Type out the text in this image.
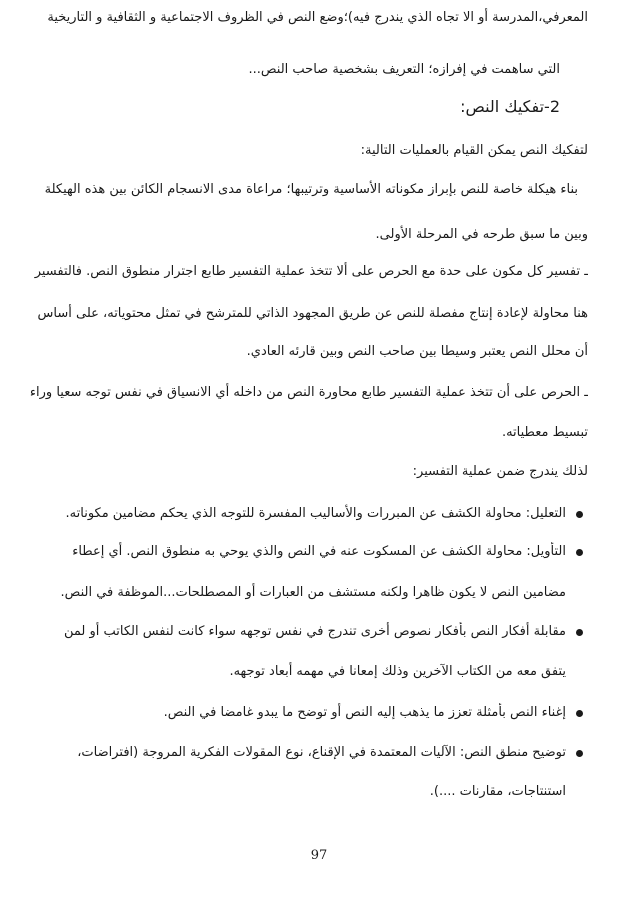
المعرفي،المدرسة أو الا تجاه الذي يندرج فيه)؛وضع النص في الظروف الاجتماعية و الثقافية و التاريخية
التي ساهمت في إفرازه؛ التعريف بشخصية صاحب النص...
2-تفكيك النص:
لتفكيك النص يمكن القيام بالعمليات التالية:
بناء هيكلة خاصة للنص بإبراز مكوناته الأساسية وترتيبها؛ مراعاة مدى الانسجام الكائن بين هذه الهيكلة
وبين ما سبق طرحه في المرحلة الأولى.
ـ تفسير كل مكون على حدة مع الحرص على ألا تتخذ عملية التفسير طابع اجترار منطوق النص. فالتفسير
هنا محاولة لإعادة إنتاج مفصلة للنص عن طريق المجهود الذاتي للمترشح في تمثل محتوياته، على أساس
أن محلل النص يعتبر وسيطا بين صاحب النص وبين قارئه العادي.
ـ الحرص على أن تتخذ عملية التفسير طابع محاورة النص من داخله أي الانسياق في نفس توجه سعيا وراء
تبسيط معطياته.
لذلك يندرج ضمن عملية التفسير:
التعليل: محاولة الكشف عن المبررات والأساليب المفسرة للتوجه الذي يحكم مضامين مكوناته.
التأويل: محاولة الكشف عن المسكوت عنه في النص والذي يوحي به منطوق النص. أي إعطاء
مضامين النص لا يكون ظاهرا ولكنه مستشف من العبارات أو المصطلحات...الموظفة في النص.
مقابلة أفكار النص بأفكار نصوص أخرى تندرج في نفس توجهه سواء كانت لنفس الكاتب أو لمن
يتفق معه من الكتاب الآخرين وذلك إمعانا في مهمه أبعاد توجهه.
إغناء النص بأمثلة تعزز ما يذهب إليه النص أو توضح ما يبدو غامضا في النص.
توضيح منطق النص: الآليات المعتمدة في الإقناع، نوع المقولات الفكرية المروجة (افتراضات،
استنتاجات، مقارنات ....).
97
